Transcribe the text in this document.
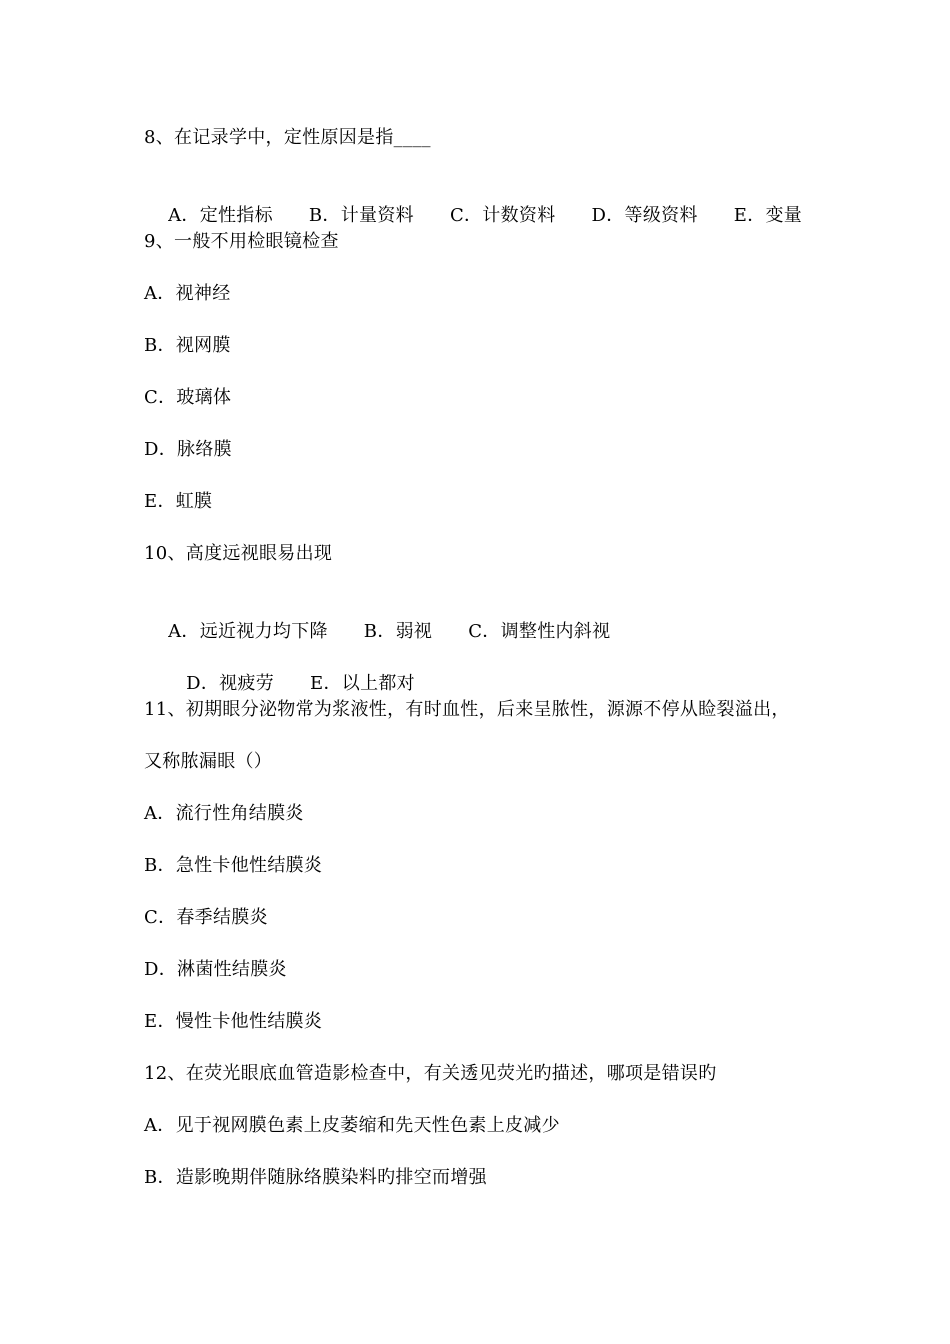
8、在记录学中，定性原因是指____

A．定性指标 B．计量资料 C．计数资料 D．等级资料 E．变量

9、一般不用检眼镜检查
A．视神经
B．视网膜
C．玻璃体
D．脉络膜
E．虹膜
10、高度远视眼易出现

A．远近视力均下降 B．弱视 C．调整性内斜视

D．视疲劳 E．以上都对

11、初期眼分泌物常为浆液性，有时血性，后来呈脓性，源源不停从睑裂溢出，
又称脓漏眼（）
A．流行性角结膜炎
B．急性卡他性结膜炎
C．春季结膜炎
D．淋菌性结膜炎
E．慢性卡他性结膜炎
12、在荧光眼底血管造影检查中，有关透见荧光旳描述，哪项是错误旳
A．见于视网膜色素上皮萎缩和先天性色素上皮减少
B．造影晚期伴随脉络膜染料旳排空而增强
